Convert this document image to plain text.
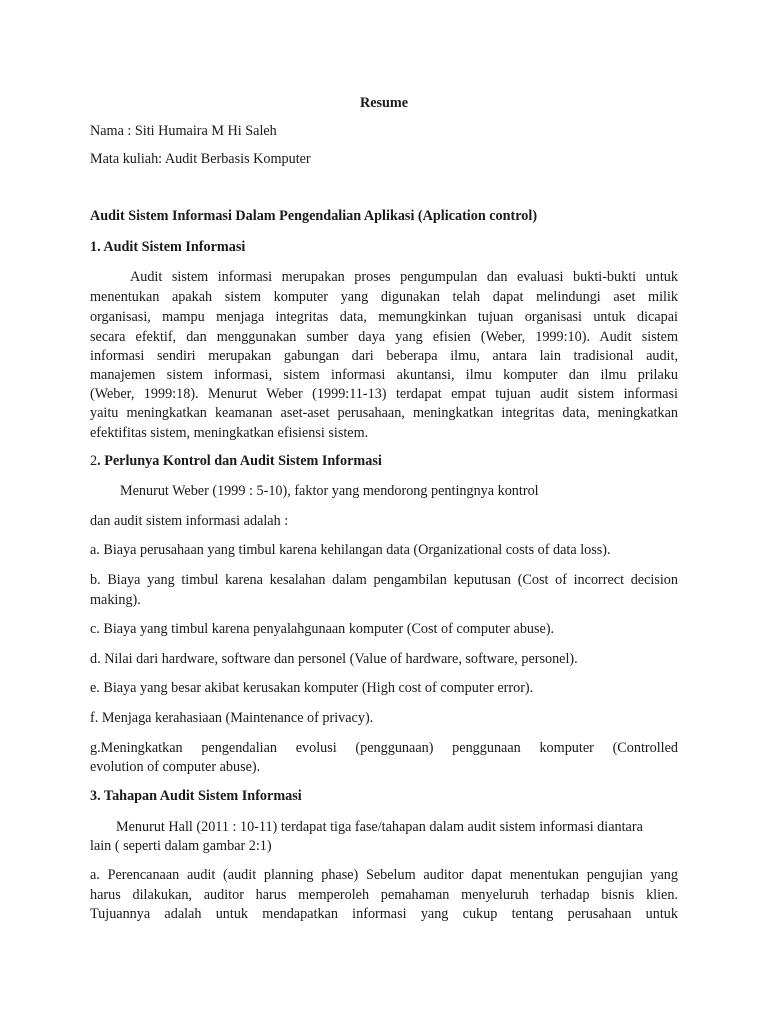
Resume
Nama : Siti Humaira M Hi Saleh
Mata kuliah: Audit Berbasis Komputer
Audit Sistem Informasi Dalam Pengendalian Aplikasi (Aplication control)
1. Audit Sistem Informasi
Audit sistem informasi merupakan proses pengumpulan dan evaluasi bukti-bukti untuk
menentukan apakah sistem komputer yang digunakan telah dapat melindungi aset milik
organisasi, mampu menjaga integritas data, memungkinkan tujuan organisasi untuk dicapai
secara efektif, dan menggunakan sumber daya yang efisien (Weber, 1999:10). Audit sistem
informasi sendiri merupakan gabungan dari beberapa ilmu, antara lain tradisional audit,
manajemen sistem informasi, sistem informasi akuntansi, ilmu komputer dan ilmu prilaku
(Weber, 1999:18). Menurut Weber (1999:11-13) terdapat empat tujuan audit sistem informasi
yaitu meningkatkan keamanan aset-aset perusahaan, meningkatkan integritas data, meningkatkan
efektifitas sistem, meningkatkan efisiensi sistem.
2. Perlunya Kontrol dan Audit Sistem Informasi
Menurut Weber (1999 : 5-10), faktor yang mendorong pentingnya kontrol
dan audit sistem informasi adalah :
a. Biaya perusahaan yang timbul karena kehilangan data (Organizational costs of data loss).
b. Biaya yang timbul karena kesalahan dalam pengambilan keputusan (Cost of incorrect decision
making).
c. Biaya yang timbul karena penyalahgunaan komputer (Cost of computer abuse).
d. Nilai dari hardware, software dan personel (Value of hardware, software, personel).
e. Biaya yang besar akibat kerusakan komputer (High cost of computer error).
f. Menjaga kerahasiaan (Maintenance of privacy).
g.Meningkatkan pengendalian evolusi (penggunaan) penggunaan komputer (Controlled
evolution of computer abuse).
3. Tahapan Audit Sistem Informasi
Menurut Hall (2011 : 10-11) terdapat tiga fase/tahapan dalam audit sistem informasi diantara
lain ( seperti dalam gambar 2:1)
a. Perencanaan audit (audit planning phase) Sebelum auditor dapat menentukan pengujian yang
harus dilakukan, auditor harus memperoleh pemahaman menyeluruh terhadap bisnis klien.
Tujuannya adalah untuk mendapatkan informasi yang cukup tentang perusahaan untuk
